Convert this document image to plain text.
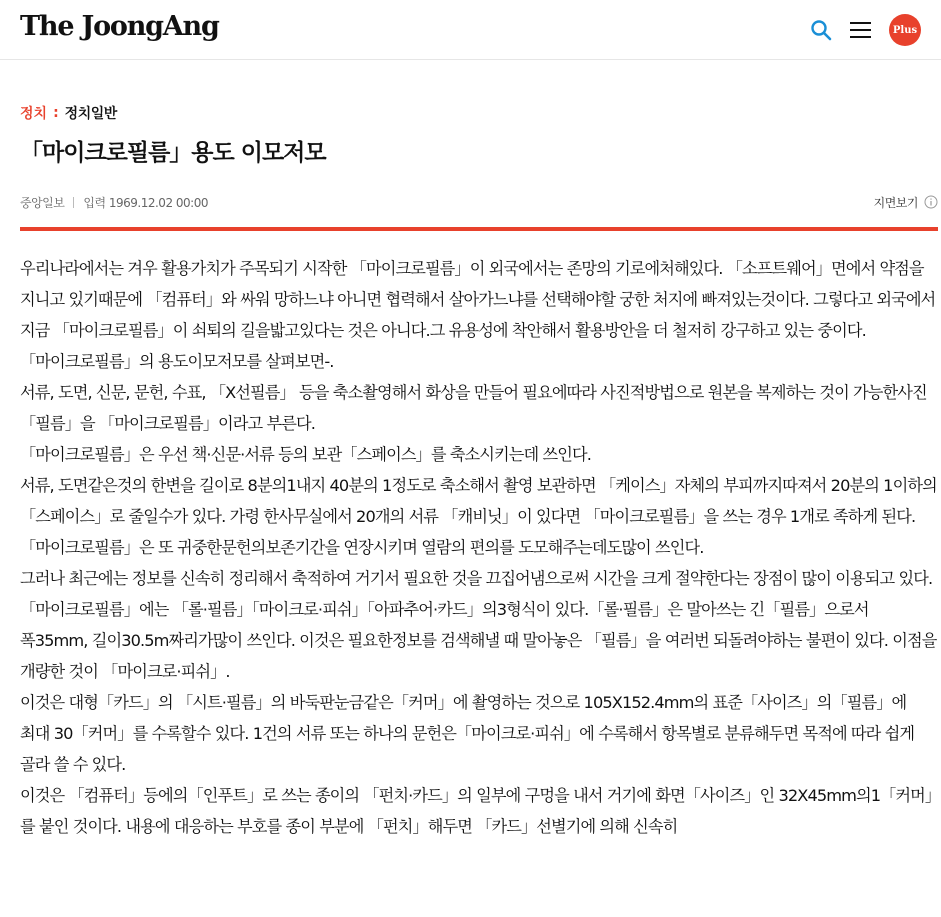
The JoongAng	Plus
정치 : 정치일반
「마이크로필름」용도 이모저모
중앙일보 입력 1969.12.02 00:00	지면보기

우리나라에서는 겨우 활용가치가 주목되기 시작한 「마이크로필름」이 외국에서는 존망의 기로에처해있다. 「소프트웨어」면에서 약점을 지니고 있기때문에 「컴퓨터」와 싸워 망하느냐 아니면 협력해서 살아가느냐를 선택해야할 궁한 처지에 빠져있는것이다. 그렇다고 외국에서 지금 「마이크로필름」이 쇠퇴의 길을밟고있다는 것은 아니다.그 유용성에 착안해서 활용방안을 더 철저히 강구하고 있는 중이다. 「마이크로필름」의 용도이모저모를 살펴보면-.

서류, 도면, 신문, 문헌, 수표, 「X선필름」 등을 축소촬영해서 화상을 만들어 필요에따라 사진적방법으로 원본을 복제하는 것이 가능한사진「필름」을 「마이크로필름」이라고 부른다.

「마이크로필름」은 우선 책·신문·서류 등의 보관「스페이스」를 축소시키는데 쓰인다.

서류, 도면같은것의 한변을 길이로 8분의1내지 40분의 1정도로 축소해서 촬영 보관하면 「케이스」자체의 부피까지따져서 20분의 1이하의 「스페이스」로 줄일수가 있다. 가령 한사무실에서 20개의 서류 「캐비닛」이 있다면 「마이크로필름」을 쓰는 경우 1개로 족하게 된다. 「마이크로필름」은 또 귀중한문헌의보존기간을 연장시키며 열람의 편의를 도모해주는데도많이 쓰인다.

그러나 최근에는 정보를 신속히 정리해서 축적하여 거기서 필요한 것을 끄집어냄으로써 시간을 크게 절약한다는 장점이 많이 이용되고 있다.

「마이크로필름」에는 「롤·필름」「마이크로·피쉬」「아파추어·카드」의3형식이 있다.「롤·필름」은 말아쓰는 긴「필름」으로서 폭35mm, 길이30.5m짜리가많이 쓰인다. 이것은 필요한정보를 검색해낼 때 말아놓은 「필름」을 여러번 되돌려야하는 불편이 있다. 이점을 개량한 것이 「마이크로·피쉬」.

이것은 대형「카드」의 「시트·필름」의 바둑판눈금같은「커머」에 촬영하는 것으로 105X152.4mm의 표준「사이즈」의「필름」에 최대 30「커머」를 수록할수 있다. 1건의 서류 또는 하나의 문헌은「마이크로·피쉬」에 수록해서 항목별로 분류해두면 목적에 따라 쉽게 골라 쓸 수 있다.

이것은 「컴퓨터」등에의「인푸트」로 쓰는 종이의 「펀치·카드」의 일부에 구멍을 내서 거기에 화면「사이즈」인 32X45mm의1「커머」를 붙인 것이다. 내용에 대응하는 부호를 종이 부분에 「펀치」해두면 「카드」선별기에 의해 신속히
